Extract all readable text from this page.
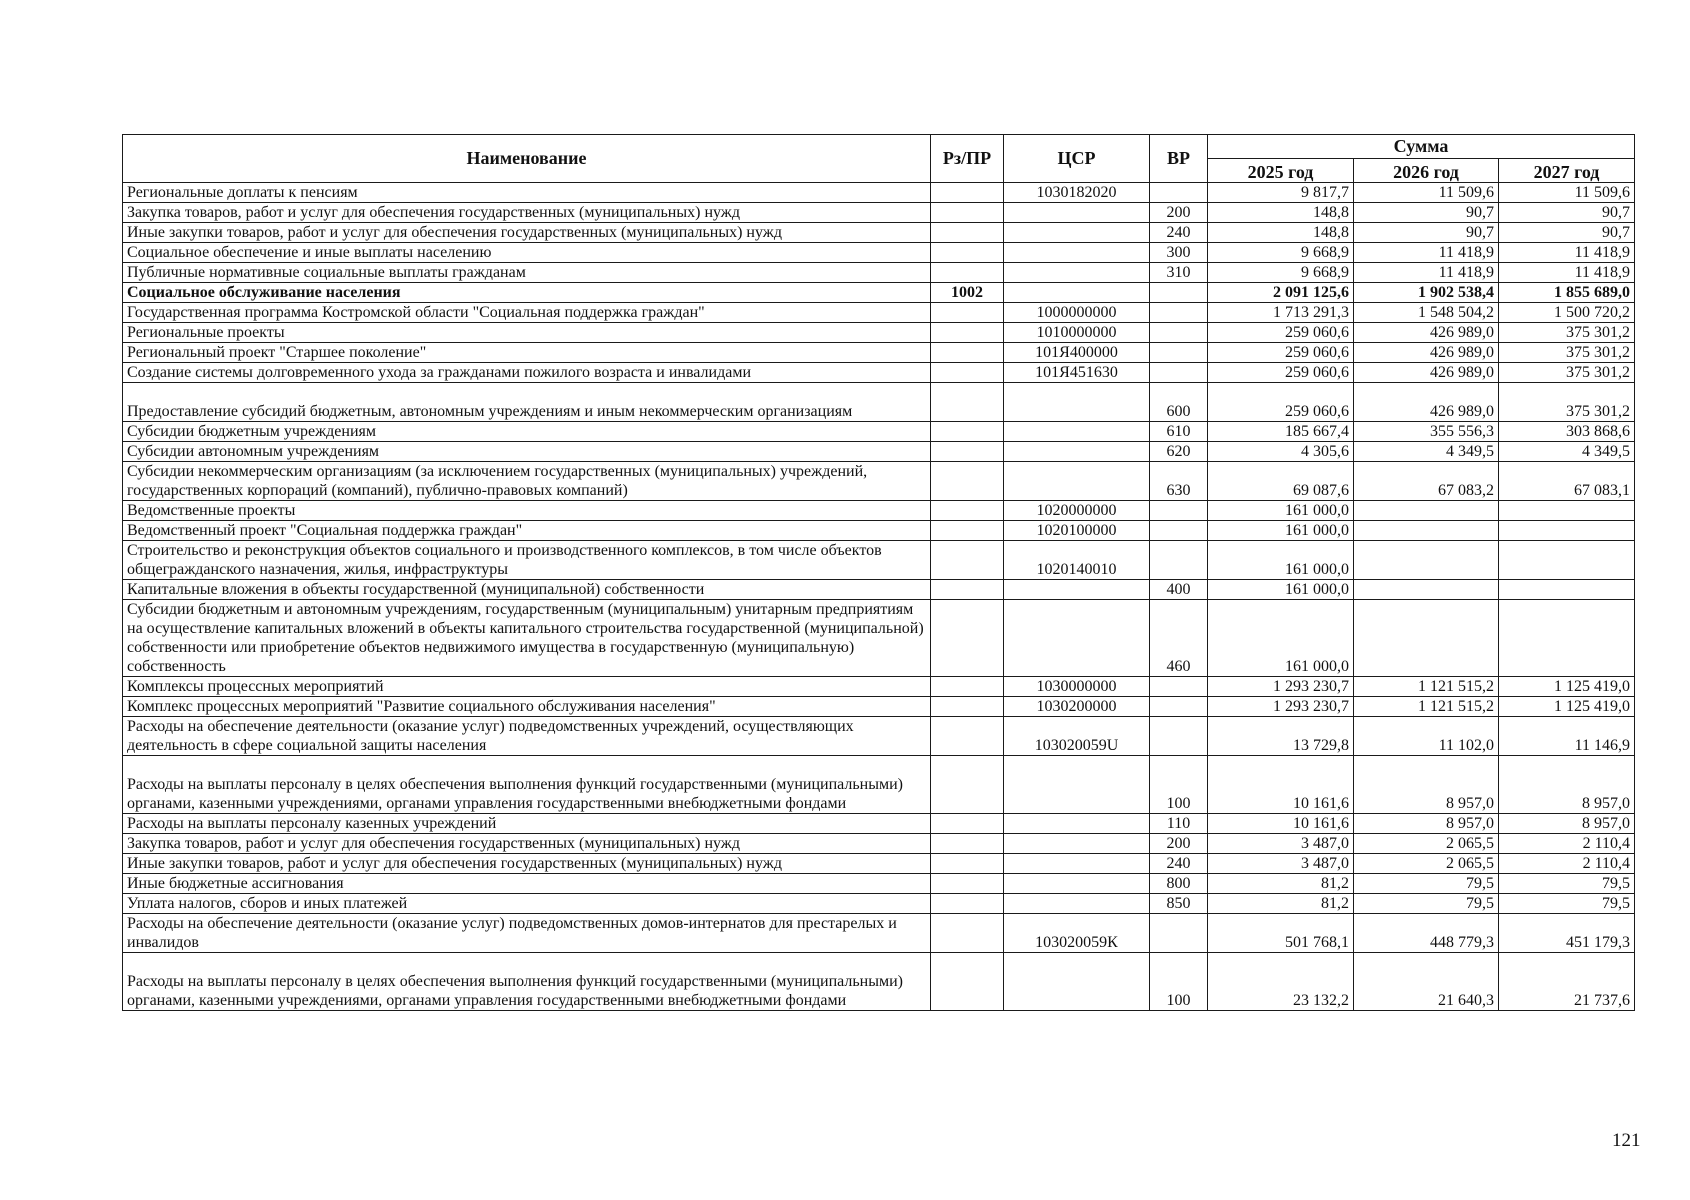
Наименование	Рз/ПР	ЦСР	ВР	Сумма		
				2025 год	2026 год	2027 год
Региональные доплаты к пенсиям		1030182020		9 817,7	11 509,6	11 509,6
Закупка товаров, работ и услуг для обеспечения государственных (муниципальных) нужд			200	148,8	90,7	90,7
Иные закупки товаров, работ и услуг для обеспечения государственных (муниципальных) нужд			240	148,8	90,7	90,7
Социальное обеспечение и иные выплаты населению			300	9 668,9	11 418,9	11 418,9
Публичные нормативные социальные выплаты гражданам			310	9 668,9	11 418,9	11 418,9
Социальное обслуживание населения	1002			2 091 125,6	1 902 538,4	1 855 689,0
Государственная программа Костромской области "Социальная поддержка граждан"		1000000000		1 713 291,3	1 548 504,2	1 500 720,2
Региональные проекты		1010000000		259 060,6	426 989,0	375 301,2
Региональный проект "Старшее поколение"		101Я400000		259 060,6	426 989,0	375 301,2
Создание системы долговременного ухода за гражданами пожилого возраста и инвалидами		101Я451630		259 060,6	426 989,0	375 301,2
Предоставление субсидий бюджетным, автономным учреждениям и иным некоммерческим организациям			600	259 060,6	426 989,0	375 301,2
Субсидии бюджетным учреждениям			610	185 667,4	355 556,3	303 868,6
Субсидии автономным учреждениям			620	4 305,6	4 349,5	4 349,5
Субсидии некоммерческим организациям (за исключением государственных (муниципальных) учреждений, государственных корпораций (компаний), публично-правовых компаний)			630	69 087,6	67 083,2	67 083,1
Ведомственные проекты		1020000000		161 000,0		
Ведомственный проект "Социальная поддержка граждан"		1020100000		161 000,0		
Строительство и реконструкция объектов социального и производственного комплексов, в том числе объектов общегражданского назначения, жилья, инфраструктуры		1020140010		161 000,0		
Капитальные вложения в объекты государственной (муниципальной) собственности			400	161 000,0		
Субсидии бюджетным и автономным учреждениям, государственным (муниципальным) унитарным предприятиям на осуществление капитальных вложений в объекты капитального строительства государственной (муниципальной) собственности или приобретение объектов недвижимого имущества в государственную (муниципальную) собственность			460	161 000,0		
Комплексы процессных мероприятий		1030000000		1 293 230,7	1 121 515,2	1 125 419,0
Комплекс процессных мероприятий "Развитие социального обслуживания населения"		1030200000		1 293 230,7	1 121 515,2	1 125 419,0
Расходы на обеспечение деятельности (оказание услуг) подведомственных учреждений, осуществляющих деятельность в сфере социальной защиты населения		103020059U		13 729,8	11 102,0	11 146,9
Расходы на выплаты персоналу в целях обеспечения выполнения функций государственными (муниципальными) органами, казенными учреждениями, органами управления государственными внебюджетными фондами			100	10 161,6	8 957,0	8 957,0
Расходы на выплаты персоналу казенных учреждений			110	10 161,6	8 957,0	8 957,0
Закупка товаров, работ и услуг для обеспечения государственных (муниципальных) нужд			200	3 487,0	2 065,5	2 110,4
Иные закупки товаров, работ и услуг для обеспечения государственных (муниципальных) нужд			240	3 487,0	2 065,5	2 110,4
Иные бюджетные ассигнования			800	81,2	79,5	79,5
Уплата налогов, сборов и иных платежей			850	81,2	79,5	79,5
Расходы на обеспечение деятельности (оказание услуг) подведомственных домов-интернатов для престарелых и инвалидов		103020059К		501 768,1	448 779,3	451 179,3
Расходы на выплаты персоналу в целях обеспечения выполнения функций государственными (муниципальными) органами, казенными учреждениями, органами управления государственными внебюджетными фондами			100	23 132,2	21 640,3	21 737,6
121
